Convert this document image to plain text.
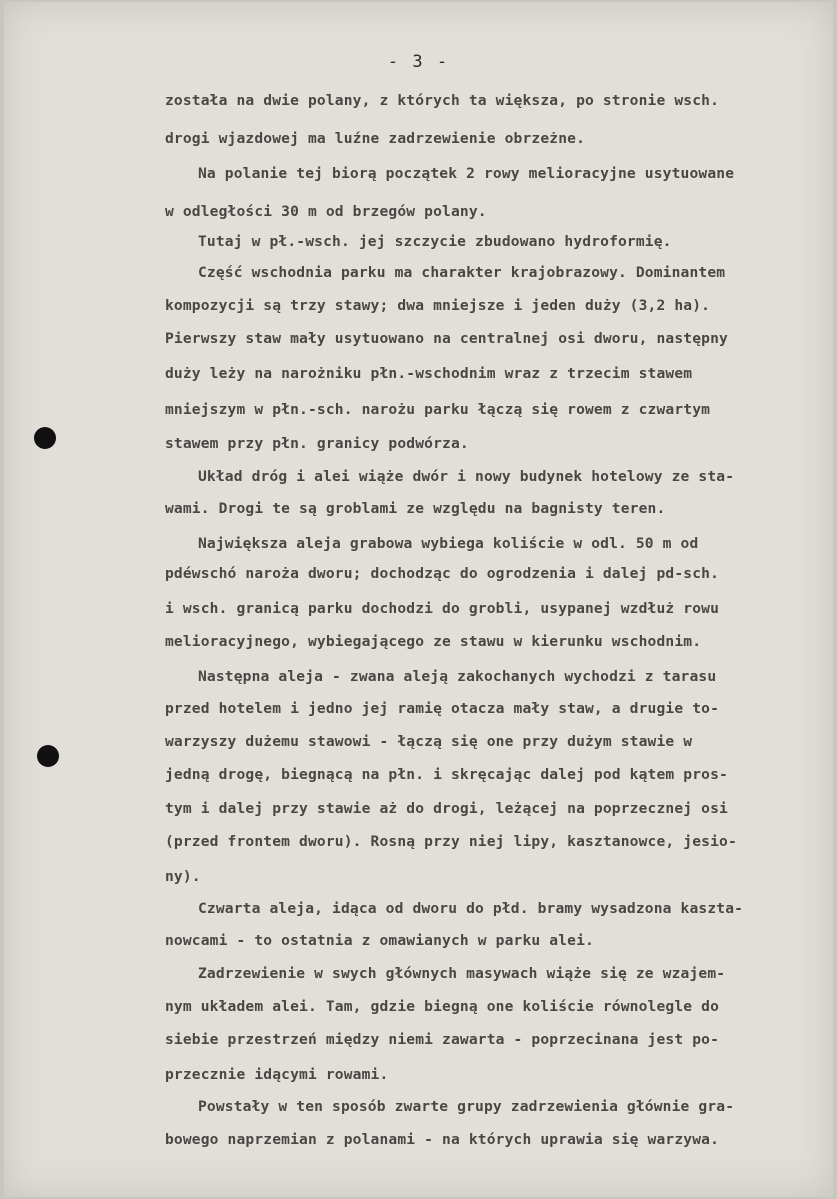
- 3 -
została na dwie polany, z których ta większa, po stronie wsch.
drogi wjazdowej ma luźne zadrzewienie obrzeżne.
Na polanie tej biorą początek 2 rowy melioracyjne usytuowane
w odległości 30 m od brzegów polany.
Tutaj w pł.-wsch. jej szczycie zbudowano hydroformię.
Część wschodnia parku ma charakter krajobrazowy. Dominantem
kompozycji są trzy stawy; dwa mniejsze i jeden duży (3,2 ha).
Pierwszy staw mały usytuowano na centralnej osi dworu, następny
duży leży na narożniku płn.-wschodnim wraz z trzecim stawem
mniejszym w płn.-sch. narożu parku łączą się rowem z czwartym
stawem przy płn. granicy podwórza.
Układ dróg i alei wiąże dwór i nowy budynek hotelowy ze sta-
wami. Drogi te są groblami ze względu na bagnisty teren.
Największa aleja grabowa wybiega koliście w odl. 50 m od
pdéwschó naroża dworu; dochodząc do ogrodzenia i dalej pd-sch.
i wsch. granicą parku dochodzi do grobli, usypanej wzdłuż rowu
melioracyjnego, wybiegającego ze stawu w kierunku wschodnim.
Następna aleja - zwana aleją zakochanych wychodzi z tarasu
przed hotelem i jedno jej ramię otacza mały staw, a drugie to-
warzyszy dużemu stawowi - łączą się one przy dużym stawie w
jedną drogę, biegnącą na płn. i skręcając dalej pod kątem pros-
tym i dalej przy stawie aż do drogi, leżącej na poprzecznej osi
(przed frontem dworu). Rosną przy niej lipy, kasztanowce, jesio-
ny).
Czwarta aleja, idąca od dworu do płd. bramy wysadzona kaszta-
nowcami - to ostatnia z omawianych w parku alei.
Zadrzewienie w swych głównych masywach wiąże się ze wzajem-
nym układem alei. Tam, gdzie biegną one koliście równolegle do
siebie przestrzeń między niemi zawarta - poprzecinana jest po-
przecznie idącymi rowami.
Powstały w ten sposób zwarte grupy zadrzewienia głównie gra-
bowego naprzemian z polanami - na których uprawia się warzywa.
